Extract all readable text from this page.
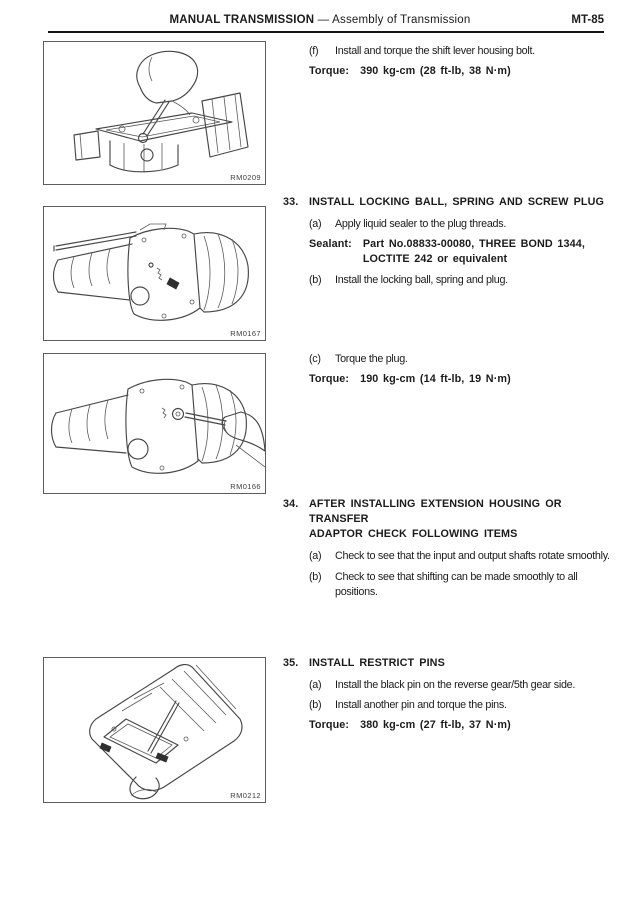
MANUAL TRANSMISSION — Assembly of Transmission	MT-85
RM0209
RM0167
RM0166
RM0212
(f)	Install and torque the shift lever housing bolt.
Torque: 390 kg-cm (28 ft-lb, 38 N·m)
33. INSTALL LOCKING BALL, SPRING AND SCREW PLUG
(a)	Apply liquid sealer to the plug threads.
Sealant: Part No.08833-00080, THREE BOND 1344, LOCTITE 242 or equivalent
(b)	Install the locking ball, spring and plug.
(c)	Torque the plug.
Torque: 190 kg-cm (14 ft-lb, 19 N·m)
34. AFTER INSTALLING EXTENSION HOUSING OR TRANSFER
ADAPTOR CHECK FOLLOWING ITEMS
(a)	Check to see that the input and output shafts rotate smoothly.
(b)	Check to see that shifting can be made smoothly to all positions.
35. INSTALL RESTRICT PINS
(a)	Install the black pin on the reverse gear/5th gear side.
(b)	Install another pin and torque the pins.
Torque: 380 kg-cm (27 ft-lb, 37 N·m)
